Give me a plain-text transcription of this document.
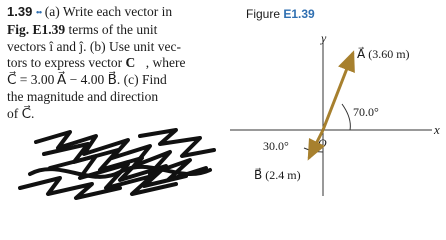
1.39 •• (a) Write each vector in
Fig. E1.39 terms of the unit
vectors î and ĵ. (b) Use unit vec-
tors to express vector C⃗, where
C⃗ = 3.00 A⃗ − 4.00 B⃗. (c) Find
the magnitude and direction
of C⃗.
Figure E1.39
x
y
O
A⃗ (3.60 m)
B⃗ (2.4 m)
70.0°
30.0°
